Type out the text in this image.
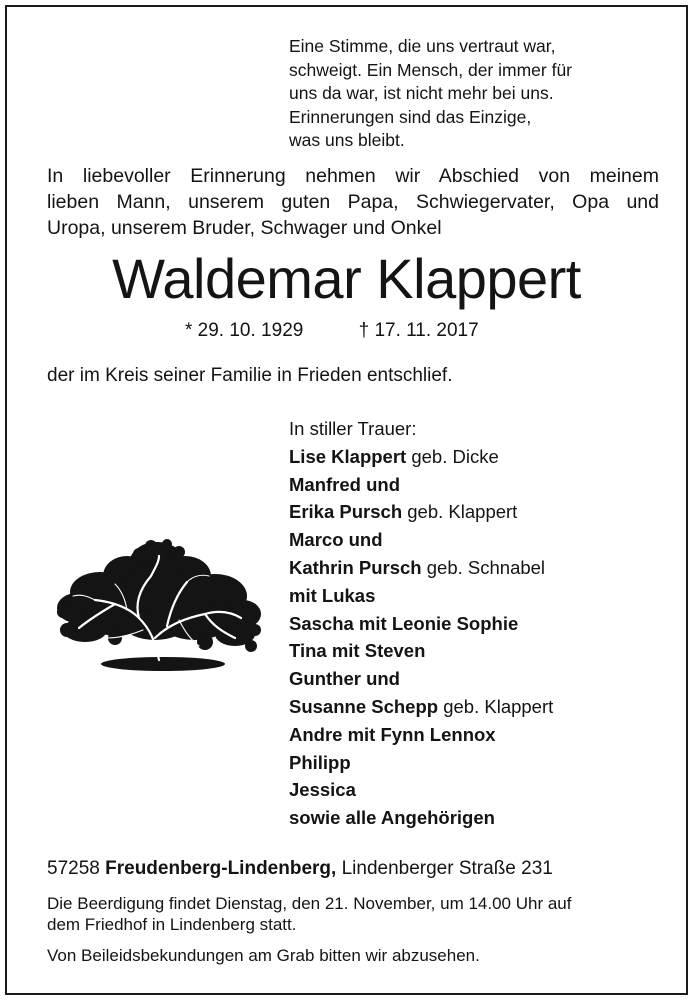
Eine Stimme, die uns vertraut war,
schweigt. Ein Mensch, der immer für
uns da war, ist nicht mehr bei uns.
Erinnerungen sind das Einzige,
was uns bleibt.
In liebevoller Erinnerung nehmen wir Abschied von meinem
lieben Mann, unserem guten Papa, Schwiegervater, Opa und
Uropa, unserem Bruder, Schwager und Onkel
Waldemar Klappert
* 29. 10. 1929	† 17. 11. 2017
der im Kreis seiner Familie in Frieden entschlief.
In stiller Trauer:
Lise Klappert geb. Dicke
Manfred und
Erika Pursch geb. Klappert
Marco und
Kathrin Pursch geb. Schnabel
mit Lukas
Sascha mit Leonie Sophie
Tina mit Steven
Gunther und
Susanne Schepp geb. Klappert
Andre mit Fynn Lennox
Philipp
Jessica
sowie alle Angehörigen
57258 Freudenberg-Lindenberg, Lindenberger Straße 231
Die Beerdigung findet Dienstag, den 21. November, um 14.00 Uhr auf
dem Friedhof in Lindenberg statt.
Von Beileidsbekundungen am Grab bitten wir abzusehen.
